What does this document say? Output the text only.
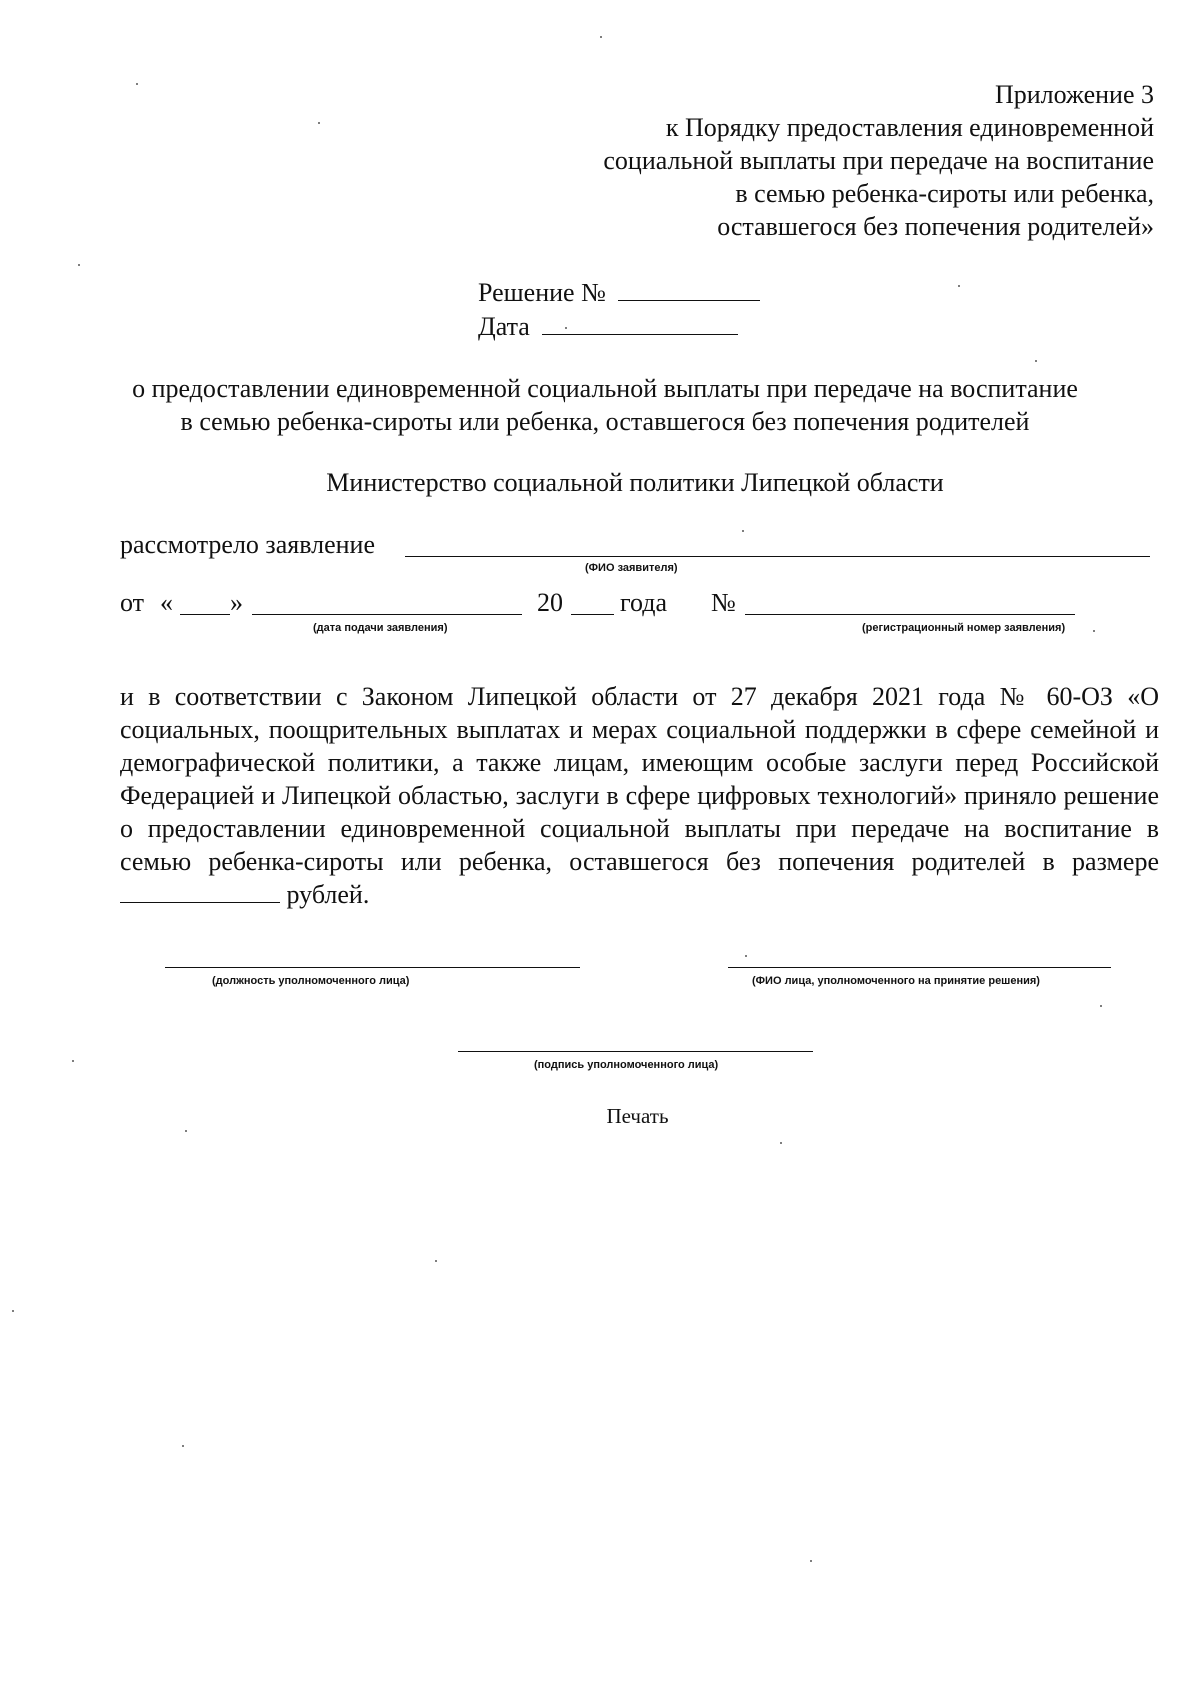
Приложение 3
к Порядку предоставления единовременной
социальной выплаты при передаче на воспитание
в семью ребенка-сироты или ребенка,
оставшегося без попечения родителей»
Решение №
Дата
о предоставлении единовременной социальной выплаты при передаче на воспитание
в семью ребенка-сироты или ребенка, оставшегося без попечения родителей
Министерство социальной политики Липецкой области
рассмотрело заявление
(ФИО заявителя)
от « »	20 года №
(дата подачи заявления)	(регистрационный номер заявления)
и в соответствии с Законом Липецкой области от 27 декабря 2021 года № 60-ОЗ «О социальных, поощрительных выплатах и мерах социальной поддержки в сфере семейной и демографической политики, а также лицам, имеющим особые заслуги перед Российской Федерацией и Липецкой областью, заслуги в сфере цифровых технологий» приняло решение о предоставлении единовременной социальной выплаты при передаче на воспитание в семью ребенка-сироты или ребенка, оставшегося без попечения родителей в размере  рублей.
(должность уполномоченного лица)	(ФИО лица, уполномоченного на принятие решения)
(подпись уполномоченного лица)
Печать
